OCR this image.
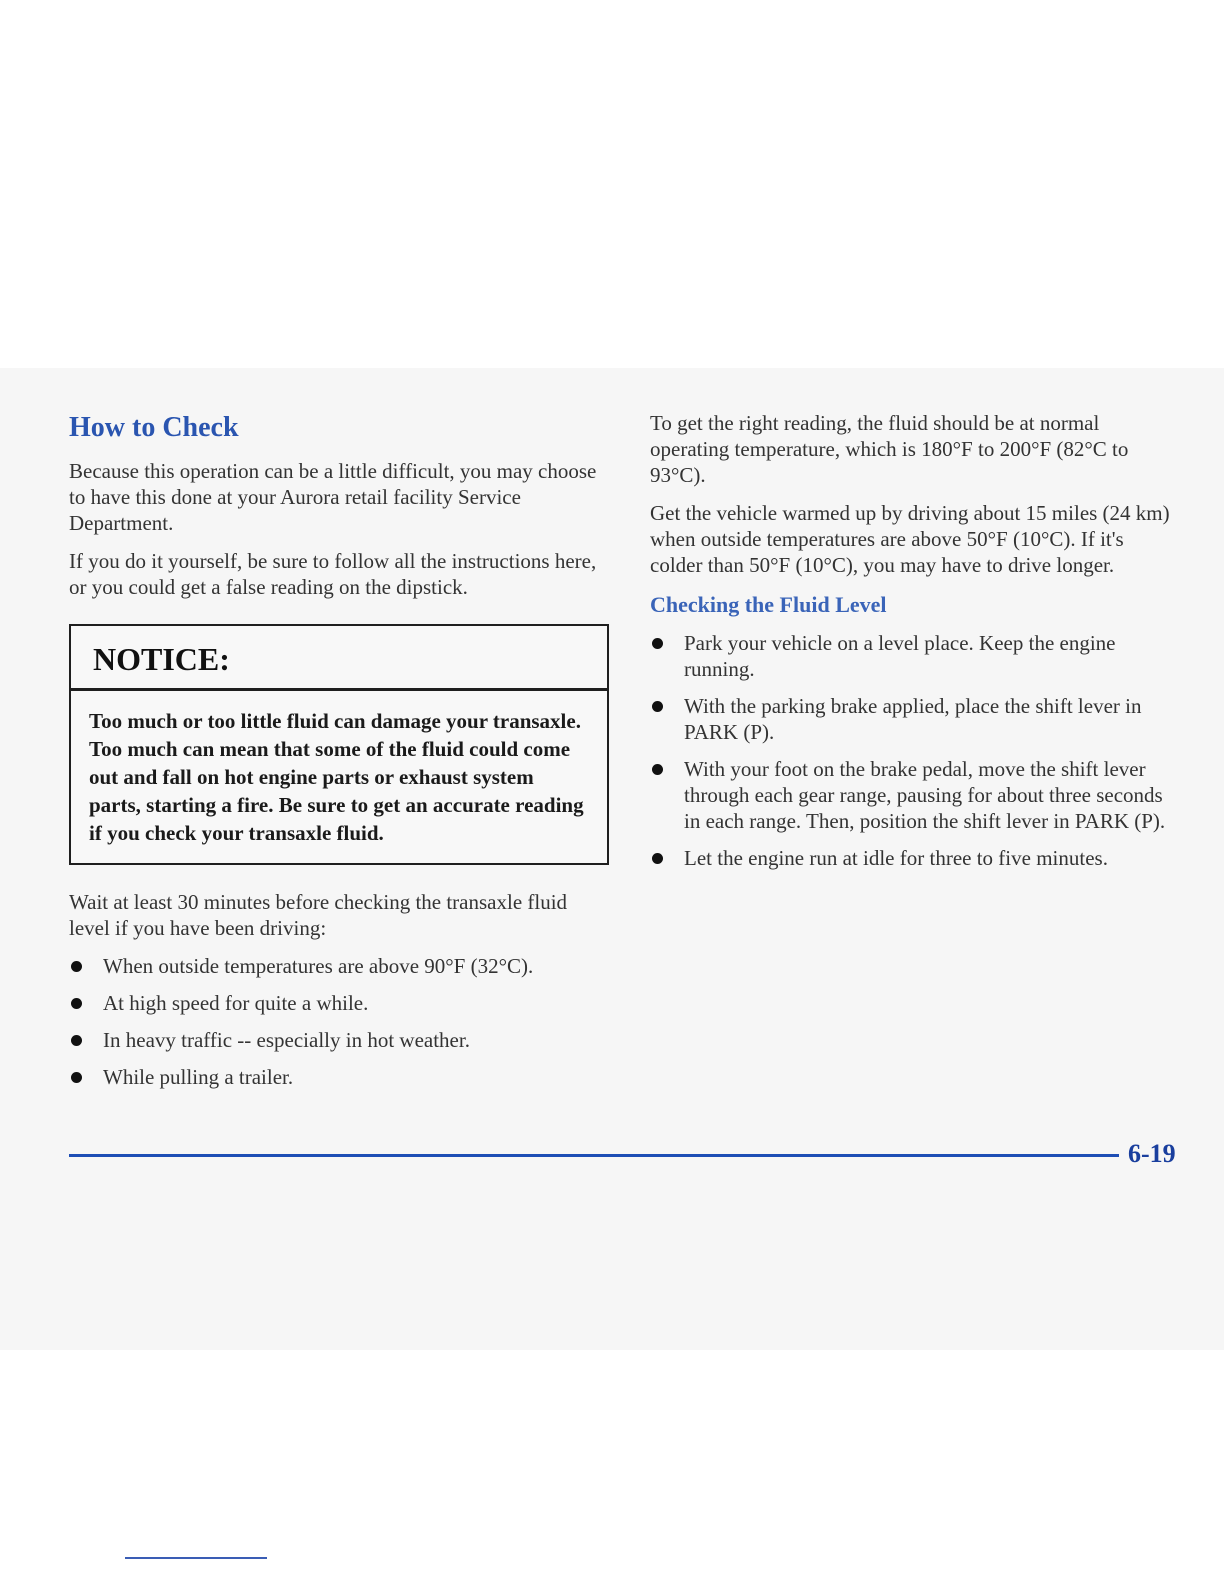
How to Check

Because this operation can be a little difficult, you may choose to have this done at your Aurora retail facility Service Department.

If you do it yourself, be sure to follow all the instructions here, or you could get a false reading on the dipstick.

NOTICE:
Too much or too little fluid can damage your transaxle. Too much can mean that some of the fluid could come out and fall on hot engine parts or exhaust system parts, starting a fire. Be sure to get an accurate reading if you check your transaxle fluid.

Wait at least 30 minutes before checking the transaxle fluid level if you have been driving:

When outside temperatures are above 90°F (32°C).
At high speed for quite a while.
In heavy traffic -- especially in hot weather.
While pulling a trailer.

To get the right reading, the fluid should be at normal operating temperature, which is 180°F to 200°F (82°C to 93°C).

Get the vehicle warmed up by driving about 15 miles (24 km) when outside temperatures are above 50°F (10°C). If it's colder than 50°F (10°C), you may have to drive longer.

Checking the Fluid Level
Park your vehicle on a level place. Keep the engine running.
With the parking brake applied, place the shift lever in PARK (P).
With your foot on the brake pedal, move the shift lever through each gear range, pausing for about three seconds in each range. Then, position the shift lever in PARK (P).
Let the engine run at idle for three to five minutes.
6-19
